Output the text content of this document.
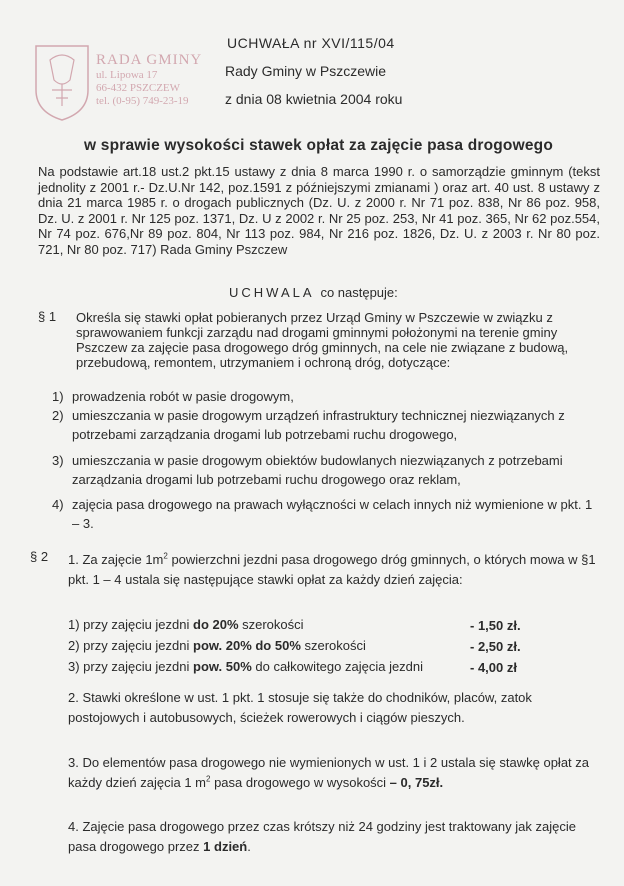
RADA GMINY
ul. Lipowa 17
66-432 PSZCZEW
tel. (0-95) 749-23-19
UCHWAŁA nr XVI/115/04
Rady Gminy w Pszczewie
z dnia 08 kwietnia 2004 roku
w sprawie wysokości stawek opłat za zajęcie pasa drogowego
Na podstawie art.18 ust.2 pkt.15 ustawy z dnia 8 marca 1990 r. o samorządzie gminnym (tekst jednolity z 2001 r.- Dz.U.Nr 142, poz.1591 z późniejszymi zmianami ) oraz art. 40 ust. 8 ustawy z dnia 21 marca 1985 r. o drogach publicznych (Dz. U. z 2000 r. Nr 71 poz. 838, Nr 86 poz. 958, Dz. U. z 2001 r. Nr 125 poz. 1371, Dz. U z 2002 r. Nr 25 poz. 253, Nr 41 poz. 365, Nr 62 poz.554, Nr 74 poz. 676,Nr 89 poz. 804, Nr 113 poz. 984, Nr 216 poz. 1826, Dz. U. z 2003 r. Nr 80 poz. 721, Nr 80 poz. 717) Rada Gminy Pszczew
UCHWALA co następuje:
§ 1 Określa się stawki opłat pobieranych przez Urząd Gminy w Pszczewie w związku z sprawowaniem funkcji zarządu nad drogami gminnymi położonymi na terenie gminy Pszczew za zajęcie pasa drogowego dróg gminnych, na cele nie związane z budową, przebudową, remontem, utrzymaniem i ochroną dróg, dotyczące:
1) prowadzenia robót w pasie drogowym,
2) umieszczania w pasie drogowym urządzeń infrastruktury technicznej niezwiązanych z potrzebami zarządzania drogami lub potrzebami ruchu drogowego,
3) umieszczania w pasie drogowym obiektów budowlanych niezwiązanych z potrzebami zarządzania drogami lub potrzebami ruchu drogowego oraz reklam,
4) zajęcia pasa drogowego na prawach wyłączności w celach innych niż wymienione w pkt. 1 – 3.
§ 2 1. Za zajęcie $1m^2$ powierzchni jezdni pasa drogowego dróg gminnych, o których mowa w §1 pkt. 1 – 4 ustala się następujące stawki opłat za każdy dzień zajęcia:
1) przy zajęciu jezdni do 20% szerokości	- 1,50 zł.
2) przy zajęciu jezdni pow. 20% do 50% szerokości	- 2,50 zł.
3) przy zajęciu jezdni pow. 50% do całkowitego zajęcia jezdni	- 4,00 zł
2. Stawki określone w ust. 1 pkt. 1 stosuje się także do chodników, placów, zatok postojowych i autobusowych, ścieżek rowerowych i ciągów pieszych.
3. Do elementów pasa drogowego nie wymienionych w ust. 1 i 2 ustala się stawkę opłat za każdy dzień zajęcia 1 $m^2$ pasa drogowego w wysokości – 0, 75zł.
4. Zajęcie pasa drogowego przez czas krótszy niż 24 godziny jest traktowany jak zajęcie pasa drogowego przez 1 dzień.
